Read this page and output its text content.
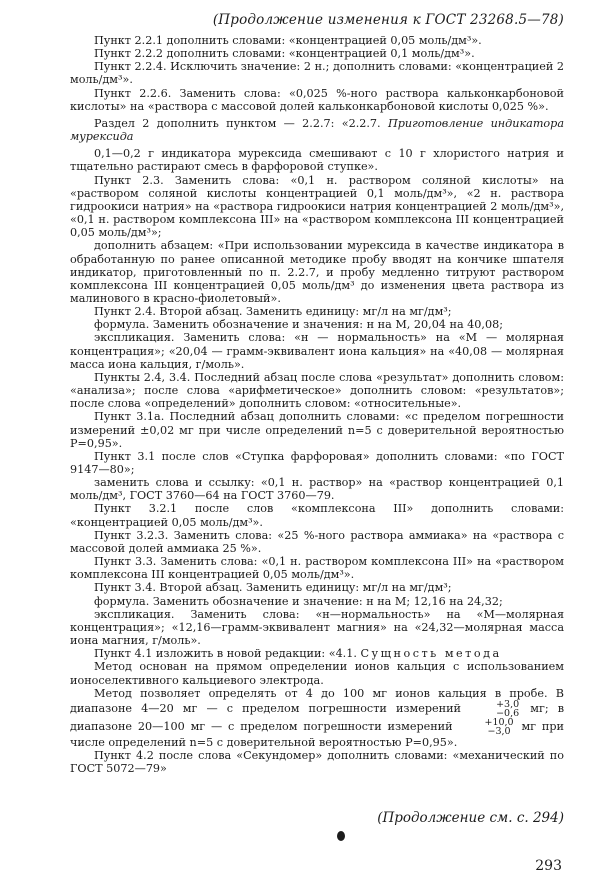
(Продолжение изменения к ГОСТ 23268.5—78)

Пункт 2.2.1 дополнить словами: «концентрацией 0,05 моль/дм³».

Пункт 2.2.2 дополнить словами: «концентрацией 0,1 моль/дм³».

Пункт 2.2.4. Исключить значение: 2 н.; дополнить словами: «концентрацией 2 моль/дм³».

Пункт 2.2.6. Заменить слова: «0,025 %-ного раствора кальконкарбоновой кислоты» на «раствора с массовой долей кальконкарбоновой кислоты 0,025 %».

Раздел 2 дополнить пунктом — 2.2.7: «2.2.7. Приготовление индикатора мурексида

0,1—0,2 г индикатора мурексида смешивают с 10 г хлористого натрия и тщательно растирают смесь в фарфоровой ступке».

Пункт 2.3. Заменить слова: «0,1 н. раствором соляной кислоты» на «раствором соляной кислоты концентрацией 0,1 моль/дм³», «2 н. раствора гидроокиси натрия» на «раствора гидроокиси натрия концентрацией 2 моль/дм³», «0,1 н. раствором комплексона III» на «раствором комплексона III концентрацией 0,05 моль/дм³»;

дополнить абзацем: «При использовании мурексида в качестве индикатора в обработанную по ранее описанной методике пробу вводят на кончике шпателя индикатор, приготовленный по п. 2.2.7, и пробу медленно титруют раствором комплексона III концентрацией 0,05 моль/дм³ до изменения цвета раствора из малинового в красно-фиолетовый».

Пункт 2.4. Второй абзац. Заменить единицу: мг/л на мг/дм³;

формула. Заменить обозначение и значения: н на М, 20,04 на 40,08;

экспликация. Заменить слова: «н — нормальность» на «М — молярная концентрация»; «20,04 — грамм-эквивалент иона кальция» на «40,08 — молярная масса иона кальция, г/моль».

Пункты 2.4, 3.4. Последний абзац после слова «результат» дополнить словом: «анализа»; после слова «арифметическое» дополнить словом: «результатов»; после слова «определений» дополнить словом: «относительные».

Пункт 3.1а. Последний абзац дополнить словами: «с пределом погрешности измерений ±0,02 мг при числе определений n=5 с доверительной вероятностью P=0,95».

Пункт 3.1 после слов «Ступка фарфоровая» дополнить словами: «по ГОСТ 9147—80»;

заменить слова и ссылку: «0,1 н. раствор» на «раствор концентрацией 0,1 моль/дм³, ГОСТ 3760—64 на ГОСТ 3760—79.

Пункт 3.2.1 после слов «комплексона III» дополнить словами: «концентрацией 0,05 моль/дм³».

Пункт 3.2.3. Заменить слова: «25 %-ного раствора аммиака» на «раствора с массовой долей аммиака 25 %».

Пункт 3.3. Заменить слова: «0,1 н. раствором комплексона III» на «раствором комплексона III концентрацией 0,05 моль/дм³».

Пункт 3.4. Второй абзац. Заменить единицу: мг/л на мг/дм³;

формула. Заменить обозначение и значение: н на М; 12,16 на 24,32;

экспликация. Заменить слова: «н—нормальность» на «М—молярная концентрация»; «12,16—грамм-эквивалент магния» на «24,32—молярная масса иона магния, г/моль».

Пункт 4.1 изложить в новой редакции: «4.1. Сущность метода

Метод основан на прямом определении ионов кальция с использованием ионоселективного кальциевого электрода.

Метод позволяет определять от 4 до 100 мг ионов кальция в пробе. В диапазоне 4—20 мг — с пределом погрешности измерений	+3,0
−0,6 мг; в диапазоне 20—100 мг — с пределом погрешности измерений	+10,0
−3,0 мг при числе определений n=5 с доверительной вероятностью P=0,95».

Пункт 4.2 после слова «Секундомер» дополнить словами: «механический по ГОСТ 5072—79»

(Продолжение см. с. 294)
293
